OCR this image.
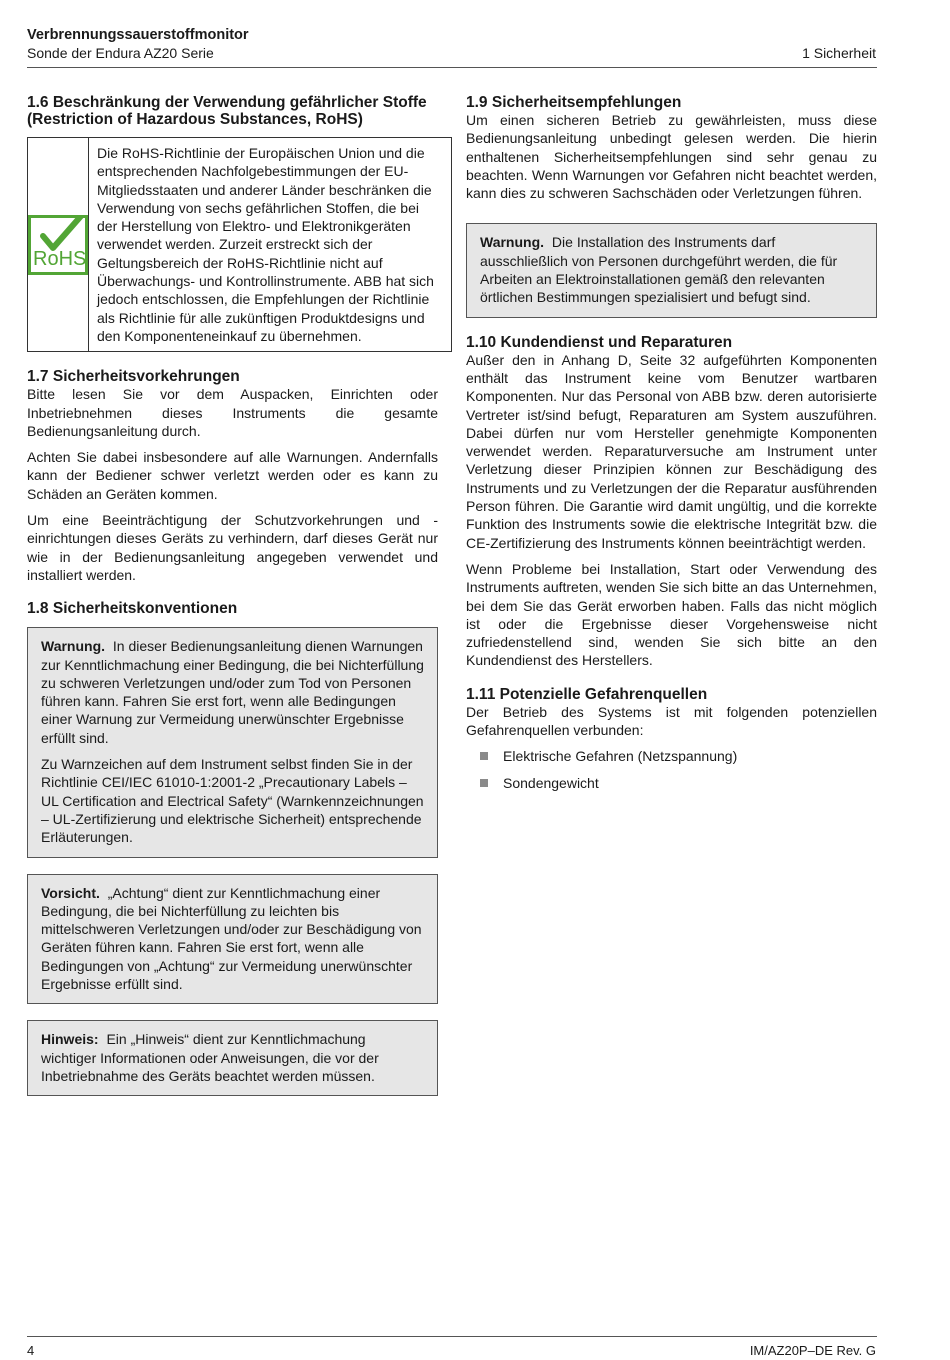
Verbrennungssauerstoffmonitor
Sonde der Endura AZ20 Serie	1 Sicherheit
1.6 Beschränkung der Verwendung gefährlicher Stoffe (Restriction of Hazardous Substances, RoHS)
RoHS
Die RoHS-Richtlinie der Europäischen Union und die entsprechenden Nachfolgebestimmungen der EU-Mitgliedsstaaten und anderer Länder beschränken die Verwendung von sechs gefährlichen Stoffen, die bei der Herstellung von Elektro- und Elektronikgeräten verwendet werden. Zurzeit erstreckt sich der Geltungsbereich der RoHS-Richtlinie nicht auf Überwachungs- und Kontrollinstrumente. ABB hat sich jedoch entschlossen, die Empfehlungen der Richtlinie als Richtlinie für alle zukünftigen Produktdesigns und den Komponenteneinkauf zu übernehmen.
1.7 Sicherheitsvorkehrungen

Bitte lesen Sie vor dem Auspacken, Einrichten oder Inbetriebnehmen dieses Instruments die gesamte Bedienungsanleitung durch.

Achten Sie dabei insbesondere auf alle Warnungen. Andernfalls kann der Bediener schwer verletzt werden oder es kann zu Schäden an Geräten kommen.

Um eine Beeinträchtigung der Schutzvorkehrungen und -einrichtungen dieses Geräts zu verhindern, darf dieses Gerät nur wie in der Bedienungsanleitung angegeben verwendet und installiert werden.

1.8 Sicherheitskonventionen

Warnung. In dieser Bedienungsanleitung dienen Warnungen zur Kenntlichmachung einer Bedingung, die bei Nichterfüllung zu schweren Verletzungen und/oder zum Tod von Personen führen kann. Fahren Sie erst fort, wenn alle Bedingungen einer Warnung zur Vermeidung unerwünschter Ergebnisse erfüllt sind.

Zu Warnzeichen auf dem Instrument selbst finden Sie in der Richtlinie CEI/IEC 61010-1:2001-2 „Precautionary Labels – UL Certification and Electrical Safety“ (Warnkennzeichnungen – UL-Zertifizierung und elektrische Sicherheit) entsprechende Erläuterungen.

Vorsicht. „Achtung“ dient zur Kenntlichmachung einer Bedingung, die bei Nichterfüllung zu leichten bis mittelschweren Verletzungen und/oder zur Beschädigung von Geräten führen kann. Fahren Sie erst fort, wenn alle Bedingungen von „Achtung“ zur Vermeidung unerwünschter Ergebnisse erfüllt sind.

Hinweis: Ein „Hinweis“ dient zur Kenntlichmachung wichtiger Informationen oder Anweisungen, die vor der Inbetriebnahme des Geräts beachtet werden müssen.

1.9 Sicherheitsempfehlungen

Um einen sicheren Betrieb zu gewährleisten, muss diese Bedienungsanleitung unbedingt gelesen werden. Die hierin enthaltenen Sicherheitsempfehlungen sind sehr genau zu beachten. Wenn Warnungen vor Gefahren nicht beachtet werden, kann dies zu schweren Sachschäden oder Verletzungen führen.

Warnung. Die Installation des Instruments darf ausschließlich von Personen durchgeführt werden, die für Arbeiten an Elektroinstallationen gemäß den relevanten örtlichen Bestimmungen spezialisiert und befugt sind.

1.10 Kundendienst und Reparaturen

Außer den in Anhang D, Seite 32 aufgeführten Komponenten enthält das Instrument keine vom Benutzer wartbaren Komponenten. Nur das Personal von ABB bzw. deren autorisierte Vertreter ist/sind befugt, Reparaturen am System auszuführen. Dabei dürfen nur vom Hersteller genehmigte Komponenten verwendet werden. Reparaturversuche am Instrument unter Verletzung dieser Prinzipien können zur Beschädigung des Instruments und zu Verletzungen der die Reparatur ausführenden Person führen. Die Garantie wird damit ungültig, und die korrekte Funktion des Instruments sowie die elektrische Integrität bzw. die CE-Zertifizierung des Instruments können beeinträchtigt werden.

Wenn Probleme bei Installation, Start oder Verwendung des Instruments auftreten, wenden Sie sich bitte an das Unternehmen, bei dem Sie das Gerät erworben haben. Falls das nicht möglich ist oder die Ergebnisse dieser Vorgehensweise nicht zufriedenstellend sind, wenden Sie sich bitte an den Kundendienst des Herstellers.

1.11 Potenzielle Gefahrenquellen

Der Betrieb des Systems ist mit folgenden potenziellen Gefahrenquellen verbunden:

Elektrische Gefahren (Netzspannung)
Sondengewicht
4	IM/AZ20P–DE Rev. G
